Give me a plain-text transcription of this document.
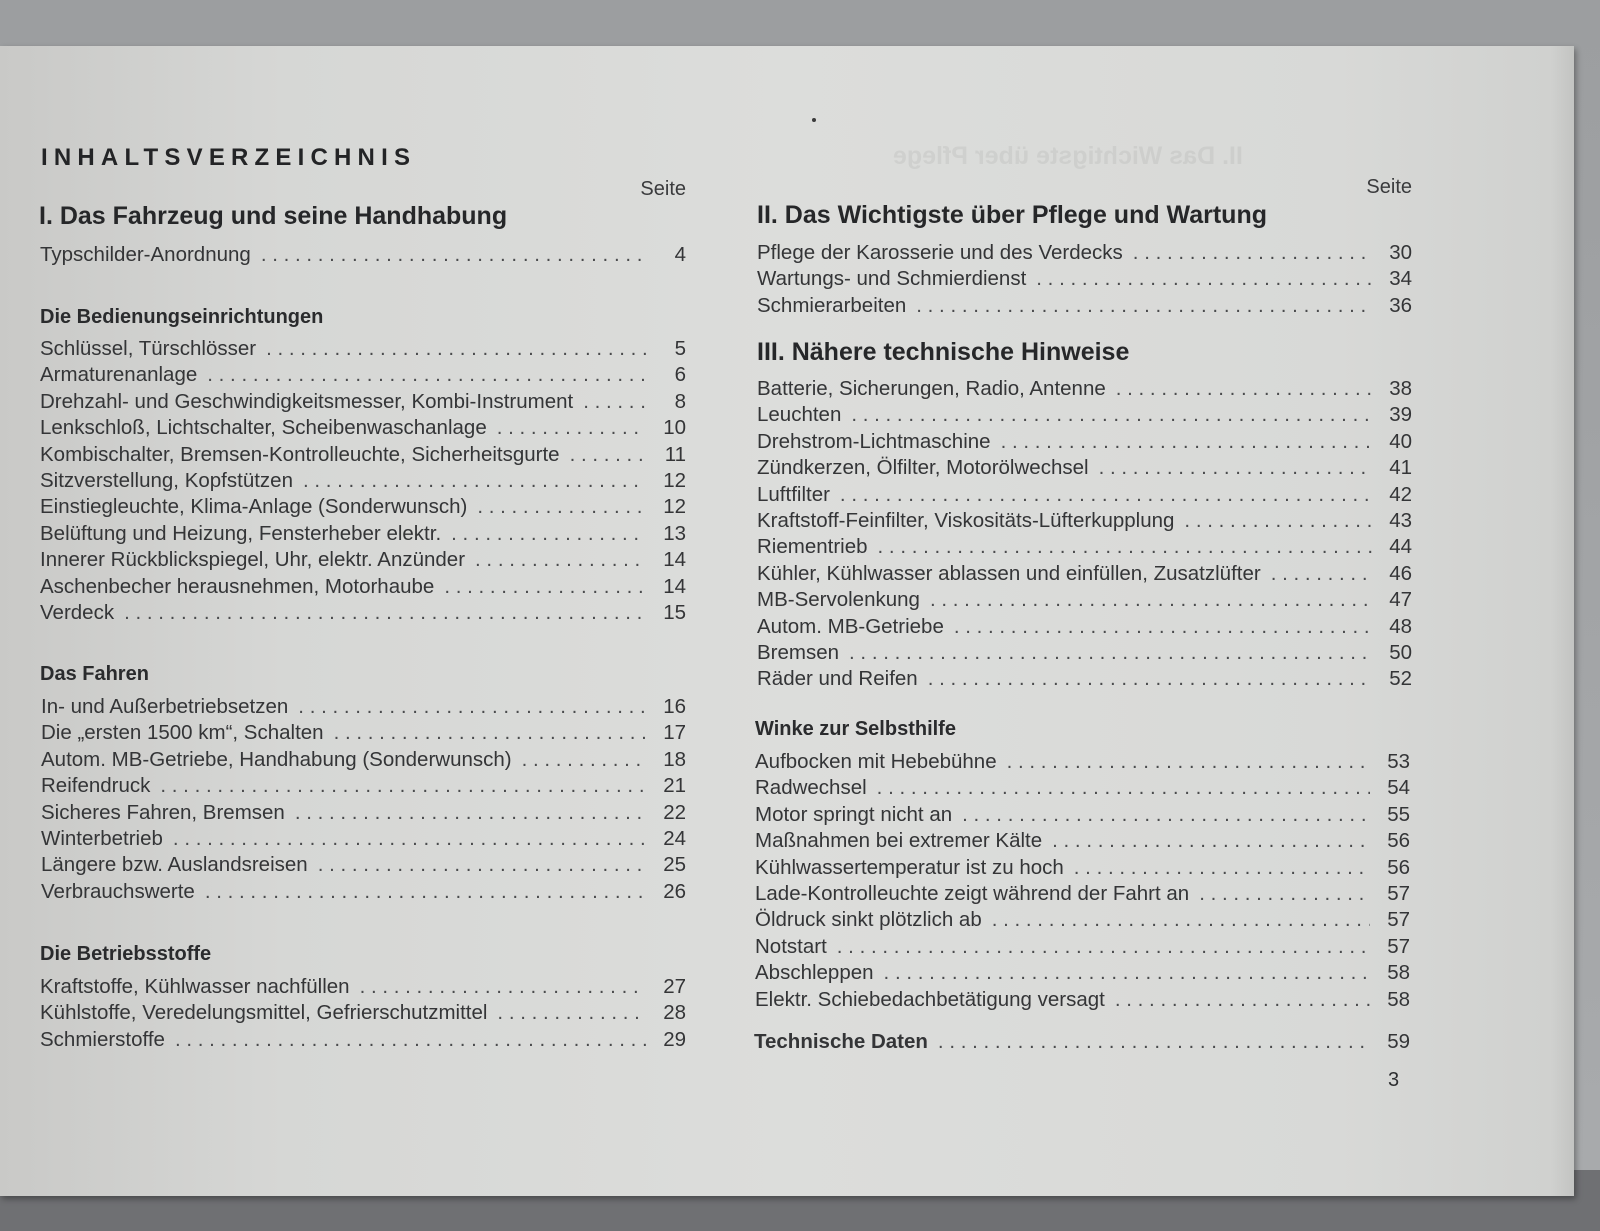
II. Das Wichtigste über Pflege
INHALTSVERZEICHNIS
Seite	Seite
I. Das Fahrzeug und seine Handhabung
Typschilder-Anordnung . . .	4
Die Bedienungseinrichtungen
Schlüssel, Türschlösser . . .	5
Armaturenanlage . . .	6
Drehzahl- und Geschwindigkeitsmesser, Kombi-Instrument . . .	8
Lenkschloß, Lichtschalter, Scheibenwaschanlage . . .	10
Kombischalter, Bremsen-Kontrolleuchte, Sicherheitsgurte . . .	11
Sitzverstellung, Kopfstützen . . .	12
Einstiegleuchte, Klima-Anlage (Sonderwunsch) . . .	12
Belüftung und Heizung, Fensterheber elektr. . . .	13
Innerer Rückblickspiegel, Uhr, elektr. Anzünder . . .	14
Aschenbecher herausnehmen, Motorhaube . . .	14
Verdeck . . .	15
Das Fahren
In- und Außerbetriebsetzen . . .	16
Die „ersten 1500 km“, Schalten . . .	17
Autom. MB-Getriebe, Handhabung (Sonderwunsch) . . .	18
Reifendruck . . .	21
Sicheres Fahren, Bremsen . . .	22
Winterbetrieb . . .	24
Längere bzw. Auslandsreisen . . .	25
Verbrauchswerte . . .	26
Die Betriebsstoffe
Kraftstoffe, Kühlwasser nachfüllen . . .	27
Kühlstoffe, Veredelungsmittel, Gefrierschutzmittel . . .	28
Schmierstoffe . . .	29
II. Das Wichtigste über Pflege und Wartung
Pflege der Karosserie und des Verdecks . . .	30
Wartungs- und Schmierdienst . . .	34
Schmierarbeiten . . .	36
III. Nähere technische Hinweise
Batterie, Sicherungen, Radio, Antenne . . .	38
Leuchten . . .	39
Drehstrom-Lichtmaschine . . .	40
Zündkerzen, Ölfilter, Motorölwechsel . . .	41
Luftfilter . . .	42
Kraftstoff-Feinfilter, Viskositäts-Lüfterkupplung . . .	43
Riementrieb . . .	44
Kühler, Kühlwasser ablassen und einfüllen, Zusatzlüfter . . .	46
MB-Servolenkung . . .	47
Autom. MB-Getriebe . . .	48
Bremsen . . .	50
Räder und Reifen . . .	52
Winke zur Selbsthilfe
Aufbocken mit Hebebühne . . .	53
Radwechsel . . .	54
Motor springt nicht an . . .	55
Maßnahmen bei extremer Kälte . . .	56
Kühlwassertemperatur ist zu hoch . . .	56
Lade-Kontrolleuchte zeigt während der Fahrt an . . .	57
Öldruck sinkt plötzlich ab . . .	57
Notstart . . .	57
Abschleppen . . .	58
Elektr. Schiebedachbetätigung versagt . . .	58
Technische Daten . . .	59
3
